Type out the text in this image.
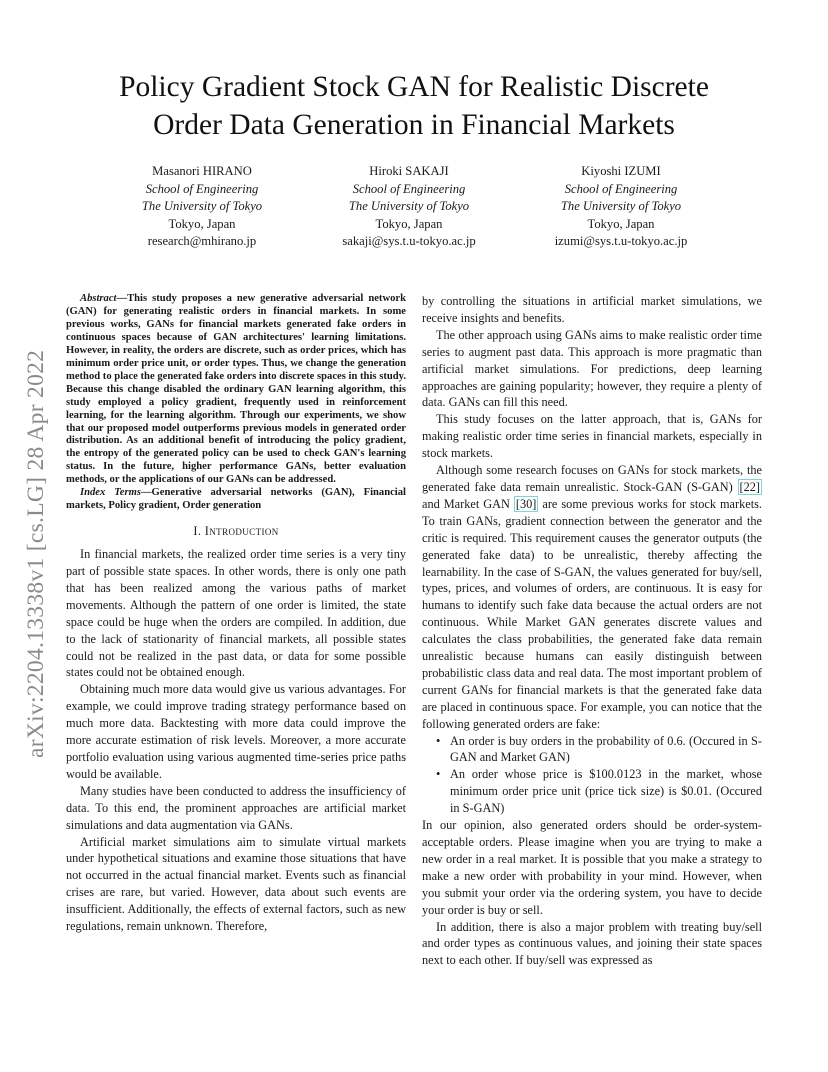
Policy Gradient Stock GAN for Realistic Discrete
Order Data Generation in Financial Markets
Masanori HIRANO
School of Engineering
The University of Tokyo
Tokyo, Japan
research@mhirano.jp
Hiroki SAKAJI
School of Engineering
The University of Tokyo
Tokyo, Japan
sakaji@sys.t.u-tokyo.ac.jp
Kiyoshi IZUMI
School of Engineering
The University of Tokyo
Tokyo, Japan
izumi@sys.t.u-tokyo.ac.jp
arXiv:2204.13338v1 [cs.LG] 28 Apr 2022

Abstract—This study proposes a new generative adversarial network (GAN) for generating realistic orders in financial markets. In some previous works, GANs for financial markets generated fake orders in continuous spaces because of GAN architectures' learning limitations. However, in reality, the orders are discrete, such as order prices, which has minimum order price unit, or order types. Thus, we change the generation method to place the generated fake orders into discrete spaces in this study. Because this change disabled the ordinary GAN learning algorithm, this study employed a policy gradient, frequently used in reinforcement learning, for the learning algorithm. Through our experiments, we show that our proposed model outperforms previous models in generated order distribution. As an additional benefit of introducing the policy gradient, the entropy of the generated policy can be used to check GAN's learning status. In the future, higher performance GANs, better evaluation methods, or the applications of our GANs can be addressed.

Index Terms—Generative adversarial networks (GAN), Financial markets, Policy gradient, Order generation

I. Introduction

In financial markets, the realized order time series is a very tiny part of possible state spaces. In other words, there is only one path that has been realized among the various paths of market movements. Although the pattern of one order is limited, the state space could be huge when the orders are compiled. In addition, due to the lack of stationarity of financial markets, all possible states could not be realized in the past data, or data for some possible states could not be obtained enough.

Obtaining much more data would give us various advantages. For example, we could improve trading strategy performance based on much more data. Backtesting with more data could improve the more accurate estimation of risk levels. Moreover, a more accurate portfolio evaluation using various augmented time-series price paths would be available.

Many studies have been conducted to address the insufficiency of data. To this end, the prominent approaches are artificial market simulations and data augmentation via GANs.

Artificial market simulations aim to simulate virtual markets under hypothetical situations and examine those situations that have not occurred in the actual financial market. Events such as financial crises are rare, but varied. However, data about such events are insufficient. Additionally, the effects of external factors, such as new regulations, remain unknown. Therefore,

by controlling the situations in artificial market simulations, we receive insights and benefits.

The other approach using GANs aims to make realistic order time series to augment past data. This approach is more pragmatic than artificial market simulations. For predictions, deep learning approaches are gaining popularity; however, they require a plenty of data. GANs can fill this need.

This study focuses on the latter approach, that is, GANs for making realistic order time series in financial markets, especially in stock markets.

Although some research focuses on GANs for stock markets, the generated fake data remain unrealistic. Stock-GAN (S-GAN) [22] and Market GAN [30] are some previous works for stock markets. To train GANs, gradient connection between the generator and the critic is required. This requirement causes the generator outputs (the generated fake data) to be unrealistic, thereby affecting the learnability. In the case of S-GAN, the values generated for buy/sell, types, prices, and volumes of orders, are continuous. It is easy for humans to identify such fake data because the actual orders are not continuous. While Market GAN generates discrete values and calculates the class probabilities, the generated fake data remain unrealistic because humans can easily distinguish between probabilistic class data and real data. The most important problem of current GANs for financial markets is that the generated fake data are placed in continuous space. For example, you can notice that the following generated orders are fake:

• An order is buy orders in the probability of 0.6. (Occured in S-GAN and Market GAN)
• An order whose price is $100.0123 in the market, whose minimum order price unit (price tick size) is $0.01. (Occured in S-GAN)

In our opinion, also generated orders should be order-system-acceptable orders. Please imagine when you are trying to make a new order in a real market. It is possible that you make a strategy to make a new order with probability in your mind. However, when you submit your order via the ordering system, you have to decide your order is buy or sell.

In addition, there is also a major problem with treating buy/sell and order types as continuous values, and joining their state spaces next to each other. If buy/sell was expressed as
